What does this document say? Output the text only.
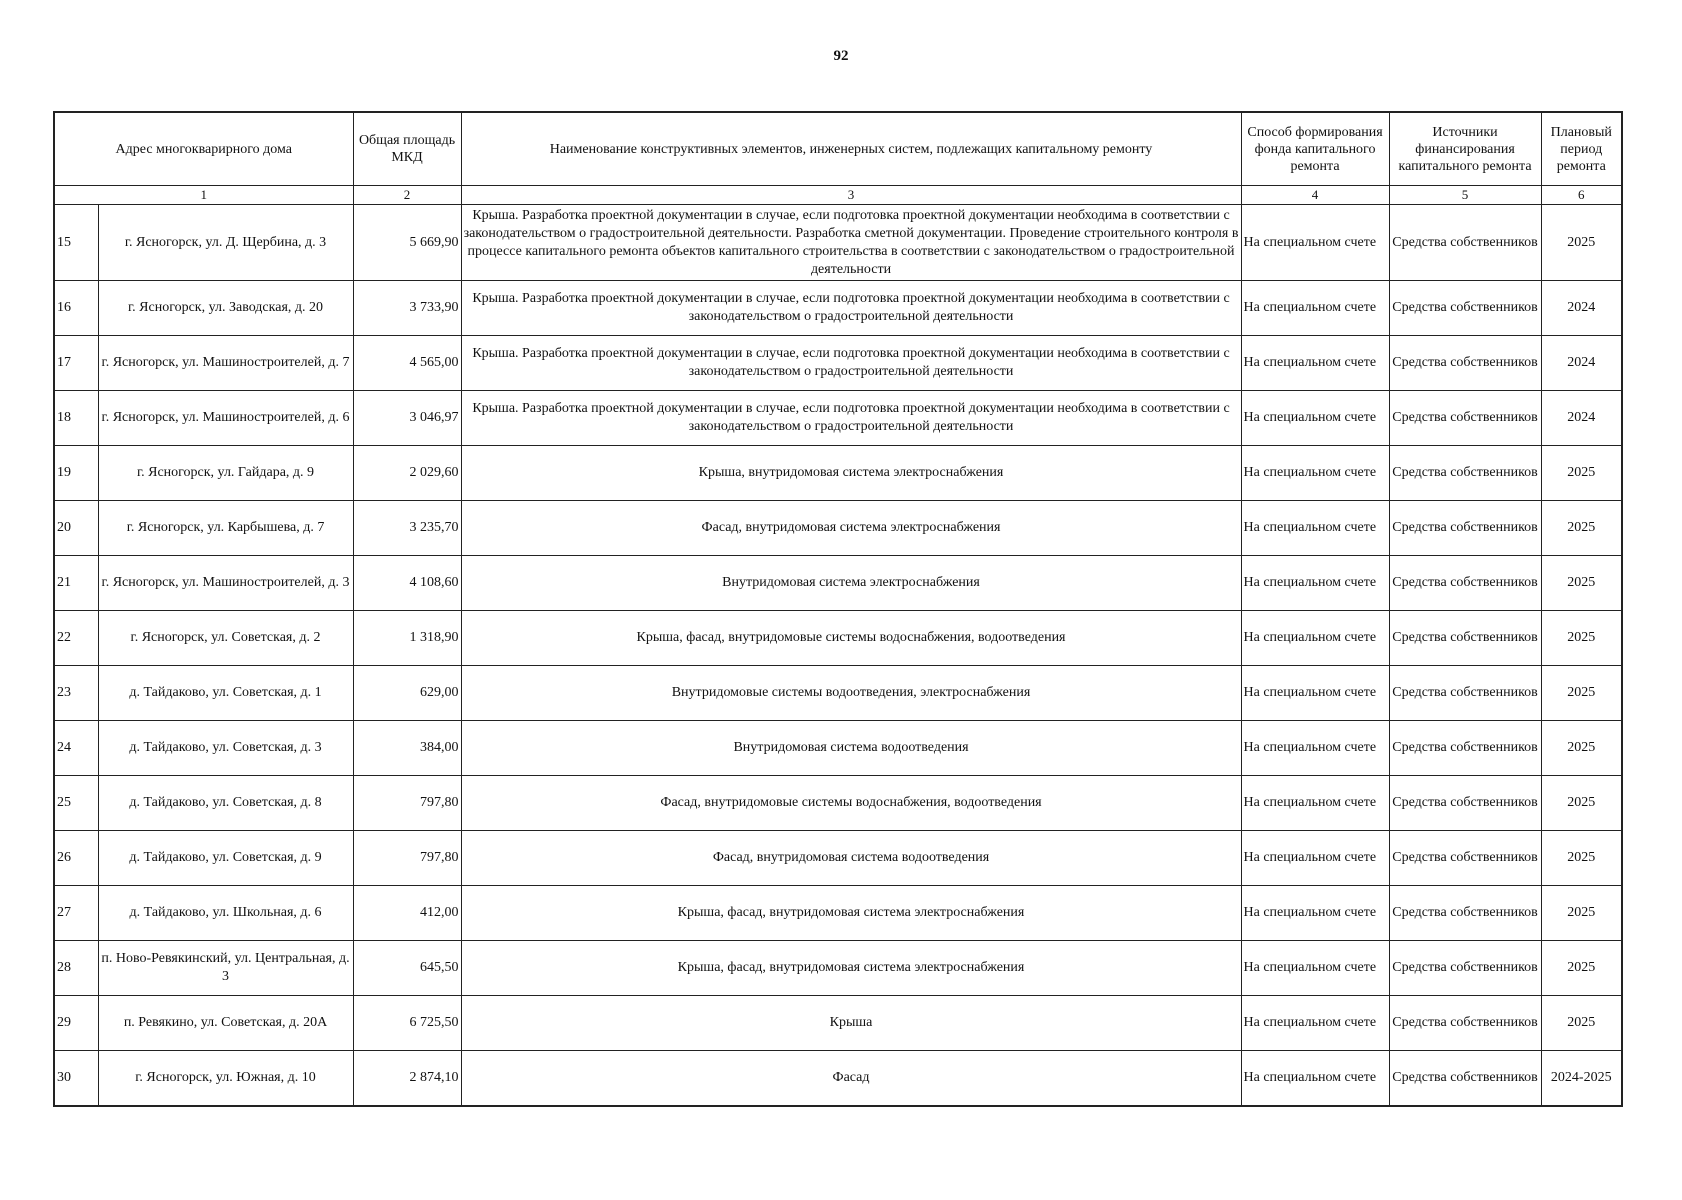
92
Адрес многокварирного дома		Общая площадь МКД	Наименование конструктивных элементов, инженерных систем, подлежащих капитальному ремонту	Способ формирования фонда капитального ремонта	Источники финансирования капитального ремонта	Плановый период ремонта
1		2	3	4	5	6
15	г. Ясногорск, ул. Д. Щербина, д. 3	5 669,90	Крыша. Разработка проектной документации в случае, если подготовка проектной документации необходима в соответствии с законодательством о градостроительной деятельности. Разработка сметной документации. Проведение строительного контроля в процессе капитального ремонта объектов капитального строительства в соответствии с законодательством о градостроительной деятельности	На специальном счете	Средства собственников	2025
16	г. Ясногорск, ул. Заводская, д. 20	3 733,90	Крыша. Разработка проектной документации в случае, если подготовка проектной документации необходима в соответствии с законодательством о градостроительной деятельности	На специальном счете	Средства собственников	2024
17	г. Ясногорск, ул. Машиностроителей, д. 7	4 565,00	Крыша. Разработка проектной документации в случае, если подготовка проектной документации необходима в соответствии с законодательством о градостроительной деятельности	На специальном счете	Средства собственников	2024
18	г. Ясногорск, ул. Машиностроителей, д. 6	3 046,97	Крыша. Разработка проектной документации в случае, если подготовка проектной документации необходима в соответствии с законодательством о градостроительной деятельности	На специальном счете	Средства собственников	2024
19	г. Ясногорск, ул. Гайдара, д. 9	2 029,60	Крыша, внутридомовая система электроснабжения	На специальном счете	Средства собственников	2025
20	г. Ясногорск, ул. Карбышева, д. 7	3 235,70	Фасад, внутридомовая система электроснабжения	На специальном счете	Средства собственников	2025
21	г. Ясногорск, ул. Машиностроителей, д. 3	4 108,60	Внутридомовая система электроснабжения	На специальном счете	Средства собственников	2025
22	г. Ясногорск, ул. Советская, д. 2	1 318,90	Крыша, фасад, внутридомовые системы водоснабжения, водоотведения	На специальном счете	Средства собственников	2025
23	д. Тайдаково, ул. Советская, д. 1	629,00	Внутридомовые системы водоотведения, электроснабжения	На специальном счете	Средства собственников	2025
24	д. Тайдаково, ул. Советская, д. 3	384,00	Внутридомовая система водоотведения	На специальном счете	Средства собственников	2025
25	д. Тайдаково, ул. Советская, д. 8	797,80	Фасад, внутридомовые системы водоснабжения, водоотведения	На специальном счете	Средства собственников	2025
26	д. Тайдаково, ул. Советская, д. 9	797,80	Фасад, внутридомовая система водоотведения	На специальном счете	Средства собственников	2025
27	д. Тайдаково, ул. Школьная, д. 6	412,00	Крыша, фасад, внутридомовая система электроснабжения	На специальном счете	Средства собственников	2025
28	п. Ново-Ревякинский, ул. Центральная, д. 3	645,50	Крыша, фасад, внутридомовая система электроснабжения	На специальном счете	Средства собственников	2025
29	п. Ревякино, ул. Советская, д. 20А	6 725,50	Крыша	На специальном счете	Средства собственников	2025
30	г. Ясногорск, ул. Южная, д. 10	2 874,10	Фасад	На специальном счете	Средства собственников	2024-2025
